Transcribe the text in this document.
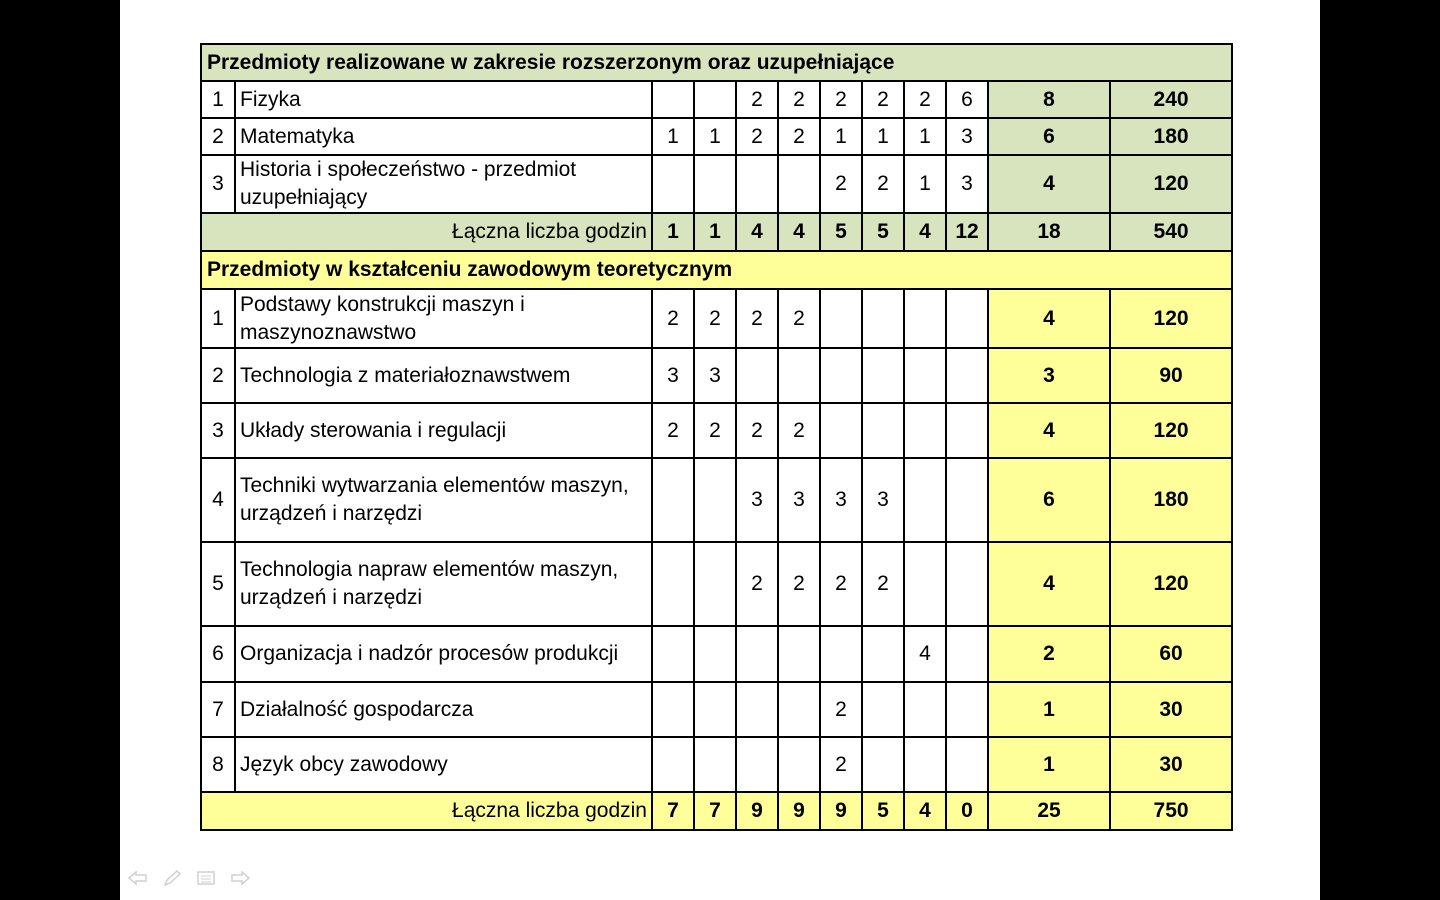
Przedmioty realizowane w zakresie rozszerzonym oraz uzupełniające											
1	Fizyka			2	2	2	2	2	6	8	240
2	Matematyka	1	1	2	2	1	1	1	3	6	180
3	Historia i społeczeństwo - przedmiot uzupełniający					2	2	1	3	4	120
Łączna liczba godzin		1	1	4	4	5	5	4	12	18	540
Przedmioty w kształceniu zawodowym teoretycznym											
1	Podstawy konstrukcji maszyn i maszynoznawstwo	2	2	2	2					4	120
2	Technologia z materiałoznawstwem	3	3							3	90
3	Układy sterowania i regulacji	2	2	2	2					4	120
4	Techniki wytwarzania elementów maszyn, urządzeń i narzędzi			3	3	3	3			6	180
5	Technologia napraw elementów maszyn, urządzeń i narzędzi			2	2	2	2			4	120
6	Organizacja i nadzór procesów produkcji							4		2	60
7	Działalność gospodarcza					2				1	30
8	Język obcy zawodowy					2				1	30
Łączna liczba godzin		7	7	9	9	9	5	4	0	25	750
